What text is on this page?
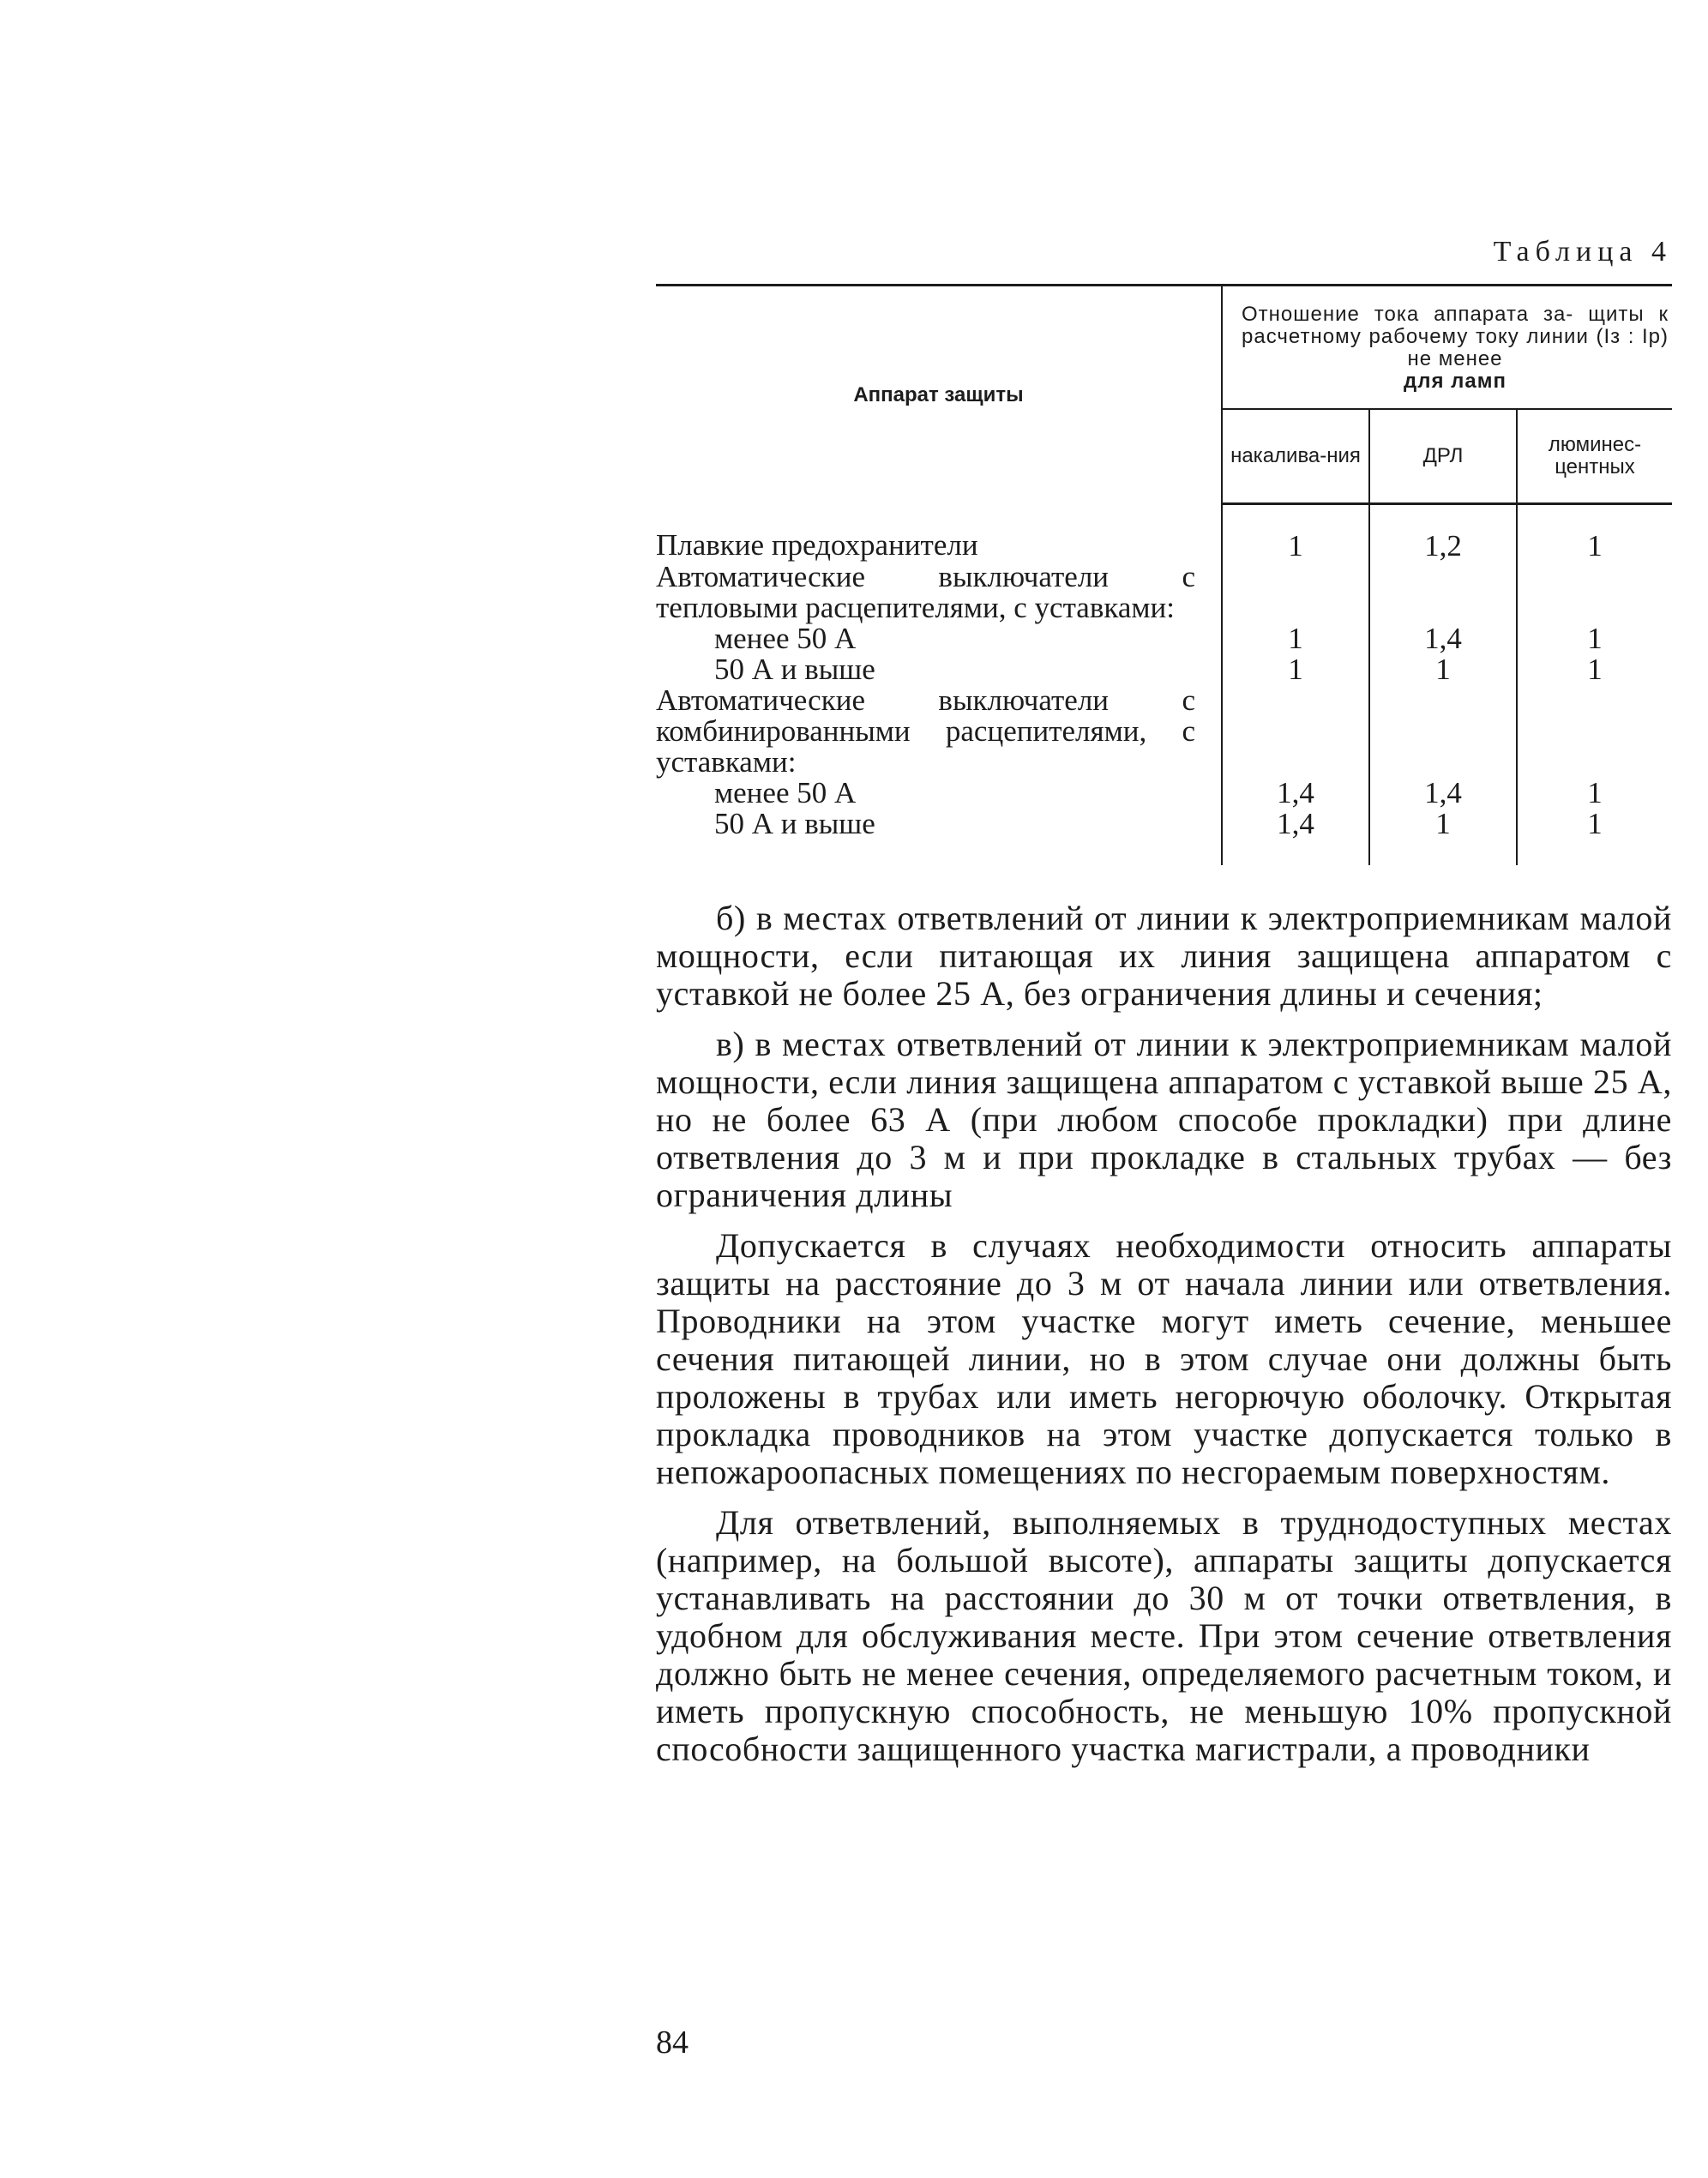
Таблица 4
Аппарат защиты	Отношение тока аппарата за- щиты к расчетному рабочему току линии (Iз : Iр) не менее
для ламп		
	накалива-ния	ДРЛ	люминес-центных

Плавкие предохранители	1	1,2	1

Автоматические выключатели с тепловыми расцепителями, с уставками:			

менее 50 А	1	1,4	1

50 А и выше	1	1	1

Автоматические выключатели с комбинированными расцепителями, с уставками:			

менее 50 А	1,4	1,4	1

50 А и выше	1,4	1	1

б) в местах ответвлений от линии к электроприемникам малой мощности, если питающая их линия защищена аппаратом с уставкой не более 25 А, без ограничения длины и сечения;

в) в местах ответвлений от линии к электроприемникам малой мощности, если линия защищена аппаратом с уставкой выше 25 А, но не более 63 А (при любом способе прокладки) при длине ответвления до 3 м и при прокладке в стальных трубах — без ограничения длины

Допускается в случаях необходимости относить аппараты защиты на расстояние до 3 м от начала линии или ответвления. Проводники на этом участке могут иметь сечение, меньшее сечения питающей линии, но в этом случае они должны быть проложены в трубах или иметь негорючую оболочку. Открытая прокладка проводников на этом участке допускается только в непожароопасных помещениях по несгораемым поверхностям.

Для ответвлений, выполняемых в труднодоступных местах (например, на большой высоте), аппараты защиты допускается устанавливать на расстоянии до 30 м от точки ответвления, в удобном для обслуживания месте. При этом сечение ответвления должно быть не менее сечения, определяемого расчетным током, и иметь пропускную способность, не меньшую 10% пропускной способности защищенного участка магистрали, а проводники

84
